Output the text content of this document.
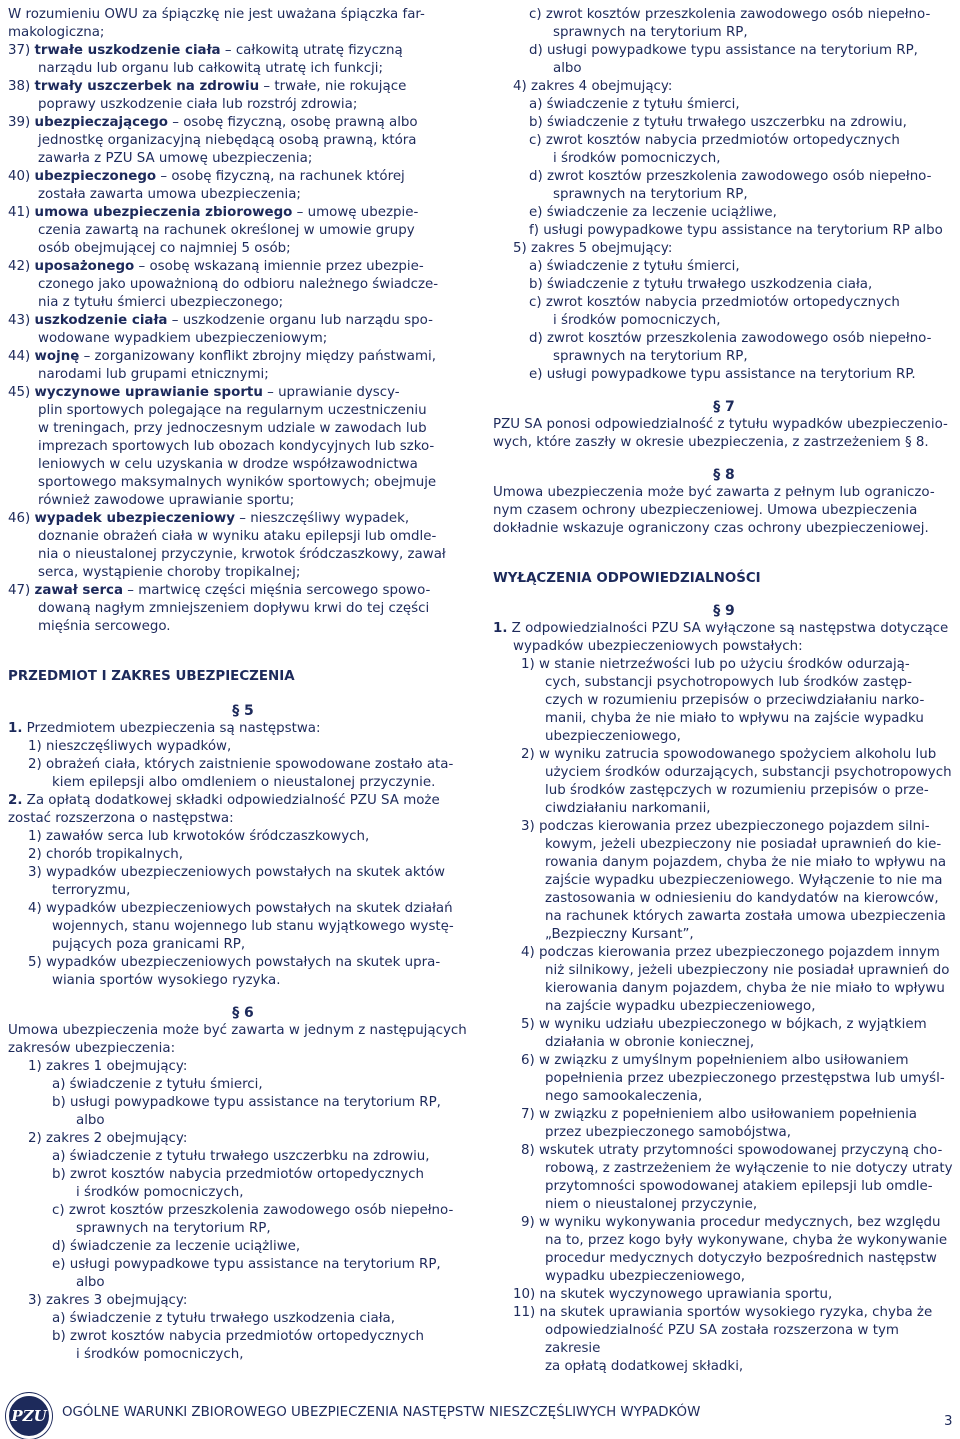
W rozumieniu OWU za śpiączkę nie jest uważana śpiączka far-

makologiczna;

37) trwałe uszkodzenie ciała – całkowitą utratę fizyczną

narządu lub organu lub całkowitą utratę ich funkcji;

38) trwały uszczerbek na zdrowiu – trwałe, nie rokujące

poprawy uszkodzenie ciała lub rozstrój zdrowia;

39) ubezpieczającego – osobę fizyczną, osobę prawną albo

jednostkę organizacyjną niebędącą osobą prawną, która

zawarła z PZU SA umowę ubezpieczenia;

40) ubezpieczonego – osobę fizyczną, na rachunek której

została zawarta umowa ubezpieczenia;

41) umowa ubezpieczenia zbiorowego – umowę ubezpie-

czenia zawartą na rachunek określonej w umowie grupy

osób obejmującej co najmniej 5 osób;

42) uposażonego – osobę wskazaną imiennie przez ubezpie-

czonego jako upoważnioną do odbioru należnego świadcze-

nia z tytułu śmierci ubezpieczonego;

43) uszkodzenie ciała – uszkodzenie organu lub narządu spo-

wodowane wypadkiem ubezpieczeniowym;

44) wojnę – zorganizowany konflikt zbrojny między państwami,

narodami lub grupami etnicznymi;

45) wyczynowe uprawianie sportu – uprawianie dyscy-

plin sportowych polegające na regularnym uczestniczeniu

w treningach, przy jednoczesnym udziale w zawodach lub

imprezach sportowych lub obozach kondycyjnych lub szko-

leniowych w celu uzyskania w drodze współzawodnictwa

sportowego maksymalnych wyników sportowych; obejmuje

również zawodowe uprawianie sportu;

46) wypadek ubezpieczeniowy – nieszczęśliwy wypadek,

doznanie obrażeń ciała w wyniku ataku epilepsji lub omdle-

nia o nieustalonej przyczynie, krwotok śródczaszkowy, zawał

serca, wystąpienie choroby tropikalnej;

47) zawał serca – martwicę części mięśnia sercowego spowo-

dowaną nagłym zmniejszeniem dopływu krwi do tej części

mięśnia sercowego.

PRZEDMIOT I ZAKRES UBEZPIECZENIA

§ 5

1. Przedmiotem ubezpieczenia są następstwa:

1) nieszczęśliwych wypadków,

2) obrażeń ciała, których zaistnienie spowodowane zostało ata-

kiem epilepsji albo omdleniem o nieustalonej przyczynie.

2. Za opłatą dodatkowej składki odpowiedzialność PZU SA może

zostać rozszerzona o następstwa:

1) zawałów serca lub krwotoków śródczaszkowych,

2) chorób tropikalnych,

3) wypadków ubezpieczeniowych powstałych na skutek aktów

terroryzmu,

4) wypadków ubezpieczeniowych powstałych na skutek działań

wojennych, stanu wojennego lub stanu wyjątkowego wystę-

pujących poza granicami RP,

5) wypadków ubezpieczeniowych powstałych na skutek upra-

wiania sportów wysokiego ryzyka.

§ 6

Umowa ubezpieczenia może być zawarta w jednym z następujących

zakresów ubezpieczenia:

1) zakres 1 obejmujący:

a) świadczenie z tytułu śmierci,

b) usługi powypadkowe typu assistance na terytorium RP,

albo

2) zakres 2 obejmujący:

a) świadczenie z tytułu trwałego uszczerbku na zdrowiu,

b) zwrot kosztów nabycia przedmiotów ortopedycznych

i środków pomocniczych,

c) zwrot kosztów przeszkolenia zawodowego osób niepełno-

sprawnych na terytorium RP,

d) świadczenie za leczenie uciążliwe,

e) usługi powypadkowe typu assistance na terytorium RP,

albo

3) zakres 3 obejmujący:

a) świadczenie z tytułu trwałego uszkodzenia ciała,

b) zwrot kosztów nabycia przedmiotów ortopedycznych

i środków pomocniczych,

c) zwrot kosztów przeszkolenia zawodowego osób niepełno-

sprawnych na terytorium RP,

d) usługi powypadkowe typu assistance na terytorium RP,

albo

4) zakres 4 obejmujący:

a) świadczenie z tytułu śmierci,

b) świadczenie z tytułu trwałego uszczerbku na zdrowiu,

c) zwrot kosztów nabycia przedmiotów ortopedycznych

i środków pomocniczych,

d) zwrot kosztów przeszkolenia zawodowego osób niepełno-

sprawnych na terytorium RP,

e) świadczenie za leczenie uciążliwe,

f) usługi powypadkowe typu assistance na terytorium RP albo

5) zakres 5 obejmujący:

a) świadczenie z tytułu śmierci,

b) świadczenie z tytułu trwałego uszkodzenia ciała,

c) zwrot kosztów nabycia przedmiotów ortopedycznych

i środków pomocniczych,

d) zwrot kosztów przeszkolenia zawodowego osób niepełno-

sprawnych na terytorium RP,

e) usługi powypadkowe typu assistance na terytorium RP.

§ 7

PZU SA ponosi odpowiedzialność z tytułu wypadków ubezpieczenio-

wych, które zaszły w okresie ubezpieczenia, z zastrzeżeniem § 8.

§ 8

Umowa ubezpieczenia może być zawarta z pełnym lub ograniczo-

nym czasem ochrony ubezpieczeniowej. Umowa ubezpieczenia

dokładnie wskazuje ograniczony czas ochrony ubezpieczeniowej.

WYŁĄCZENIA ODPOWIEDZIALNOŚCI

§ 9

1. Z odpowiedzialności PZU SA wyłączone są następstwa dotyczące

wypadków ubezpieczeniowych powstałych:

1) w stanie nietrzeźwości lub po użyciu środków odurzają-

cych, substancji psychotropowych lub środków zastęp-

czych w rozumieniu przepisów o przeciwdziałaniu narko-

manii, chyba że nie miało to wpływu na zajście wypadku

ubezpieczeniowego,

2) w wyniku zatrucia spowodowanego spożyciem alkoholu lub

użyciem środków odurzających, substancji psychotropowych

lub środków zastępczych w rozumieniu przepisów o prze-

ciwdziałaniu narkomanii,

3) podczas kierowania przez ubezpieczonego pojazdem silni-

kowym, jeżeli ubezpieczony nie posiadał uprawnień do kie-

rowania danym pojazdem, chyba że nie miało to wpływu na

zajście wypadku ubezpieczeniowego. Wyłączenie to nie ma

zastosowania w odniesieniu do kandydatów na kierowców,

na rachunek których zawarta została umowa ubezpieczenia

„Bezpieczny Kursant”,

4) podczas kierowania przez ubezpieczonego pojazdem innym

niż silnikowy, jeżeli ubezpieczony nie posiadał uprawnień do

kierowania danym pojazdem, chyba że nie miało to wpływu

na zajście wypadku ubezpieczeniowego,

5) w wyniku udziału ubezpieczonego w bójkach, z wyjątkiem

działania w obronie koniecznej,

6) w związku z umyślnym popełnieniem albo usiłowaniem

popełnienia przez ubezpieczonego przestępstwa lub umyśl-

nego samookaleczenia,

7) w związku z popełnieniem albo usiłowaniem popełnienia

przez ubezpieczonego samobójstwa,

8) wskutek utraty przytomności spowodowanej przyczyną cho-

robową, z zastrzeżeniem że wyłączenie to nie dotyczy utraty

przytomności spowodowanej atakiem epilepsji lub omdle-

niem o nieustalonej przyczynie,

9) w wyniku wykonywania procedur medycznych, bez względu

na to, przez kogo były wykonywane, chyba że wykonywanie

procedur medycznych dotyczyło bezpośrednich następstw

wypadku ubezpieczeniowego,

10) na skutek wyczynowego uprawiania sportu,

11) na skutek uprawiania sportów wysokiego ryzyka, chyba że

odpowiedzialność PZU SA została rozszerzona w tym zakresie

za opłatą dodatkowej składki,

PZU OGÓLNE WARUNKI ZBIOROWEGO UBEZPIECZENIA NASTĘPSTW NIESZCZĘŚLIWYCH WYPADKÓW
3
